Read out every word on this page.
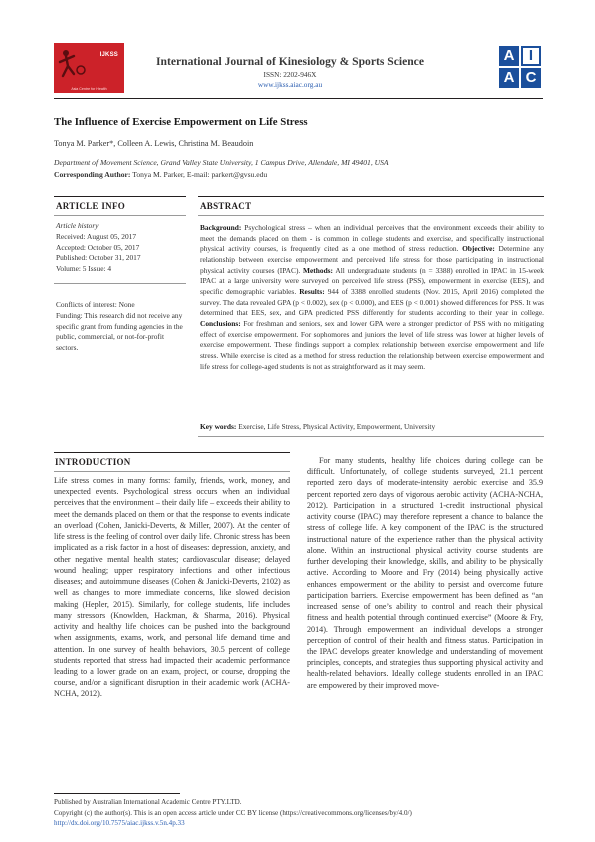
IJKSS
Asia Centre for Health
International Journal of Kinesiology & Sports Science
ISSN: 2202-946X
www.ijkss.aiac.org.au
A I
A C
The Influence of Exercise Empowerment on Life Stress
Tonya M. Parker*, Colleen A. Lewis, Christina M. Beaudoin
Department of Movement Science, Grand Valley State University, 1 Campus Drive, Allendale, MI 49401, USA
Corresponding Author: Tonya M. Parker, E-mail: parkert@gvsu.edu
ARTICLE INFO
Article history
Received: August 05, 2017
Accepted: October 05, 2017
Published: October 31, 2017
Volume: 5 Issue: 4
Conflicts of interest: None
Funding: This research did not receive any specific grant from funding agencies in the public, commercial, or not-for-profit sectors.
ABSTRACT
Background: Psychological stress – when an individual perceives that the environment exceeds their ability to meet the demands placed on them - is common in college students and exercise, and specifically instructional physical activity courses, is frequently cited as a one method of stress reduction. Objective: Determine any relationship between exercise empowerment and perceived life stress for those participating in instructional physical activity courses (IPAC). Methods: All undergraduate students (n = 3388) enrolled in IPAC in 15-week IPAC at a large university were surveyed on perceived life stress (PSS), empowerment in exercise (EES), and specific demographic variables. Results: 944 of 3388 enrolled students (Nov. 2015, April 2016) completed the survey. The data revealed GPA (p < 0.002), sex (p < 0.000), and EES (p < 0.001) showed differences for PSS. It was determined that EES, sex, and GPA predicted PSS differently for students according to their year in college. Conclusions: For freshman and seniors, sex and lower GPA were a stronger predictor of PSS with no mitigating effect of exercise empowerment. For sophomores and juniors the level of life stress was lower at higher levels of exercise empowerment. These findings support a complex relationship between exercise empowerment and life stress. While exercise is cited as a method for stress reduction the relationship between exercise empowerment and life stress for college-aged students is not as straightforward as it may seem.
Key words: Exercise, Life Stress, Physical Activity, Empowerment, University
INTRODUCTION

Life stress comes in many forms: family, friends, work, money, and unexpected events. Psychological stress occurs when an individual perceives that the environment – their daily life – exceeds their ability to meet the demands placed on them or that the response to events indicate an overload (Cohen, Janicki-Deverts, & Miller, 2007). At the center of life stress is the feeling of control over daily life. Chronic stress has been implicated as a risk factor in a host of diseases: depression, anxiety, and other negative mental health states; cardiovascular disease; delayed wound healing; upper respiratory infections and other infectious diseases; and autoimmune diseases (Cohen & Janicki-Deverts, 2102) as well as changes to more immediate concerns, like slowed decision making (Hepler, 2015). Similarly, for college students, life includes many stressors (Knowlden, Hackman, & Sharma, 2016). Physical activity and healthy life choices can be pushed into the background when assignments, exams, work, and personal life demand time and attention. In one survey of health behaviors, 30.5 percent of college students reported that stress had impacted their academic performance leading to a lower grade on an exam, project, or course, dropping the course, and/or a significant disruption in their academic work (ACHA-NCHA, 2012).

For many students, healthy life choices during college can be difficult. Unfortunately, of college students surveyed, 21.1 percent reported zero days of moderate-intensity aerobic exercise and 35.9 percent reported zero days of vigorous aerobic activity (ACHA-NCHA, 2012). Participation in a structured 1-credit instructional physical activity course (IPAC) may therefore represent a chance to balance the stress of college life. A key component of the IPAC is the structured instructional nature of the experience rather than the physical activity alone. Within an instructional physical activity course students are further developing their knowledge, skills, and ability to be physically active. According to Moore and Fry (2014) being physically active enhances empowerment or the ability to persist and overcome future participation barriers. Exercise empowerment has been defined as “an increased sense of one’s ability to control and reach their physical fitness and health potential through continued exercise” (Moore & Fry, 2014). Through empowerment an individual develops a stronger perception of control of their health and fitness status. Participation in the IPAC develops greater knowledge and understanding of movement principles, concepts, and strategies thus supporting physical activity and health-related behaviors. Ideally college students enrolled in an IPAC are empowered by their improved move-

Published by Australian International Academic Centre PTY.LTD.
Copyright (c) the author(s). This is an open access article under CC BY license (https://creativecommons.org/licenses/by/4.0/)
http://dx.doi.org/10.7575/aiac.ijkss.v.5n.4p.33
